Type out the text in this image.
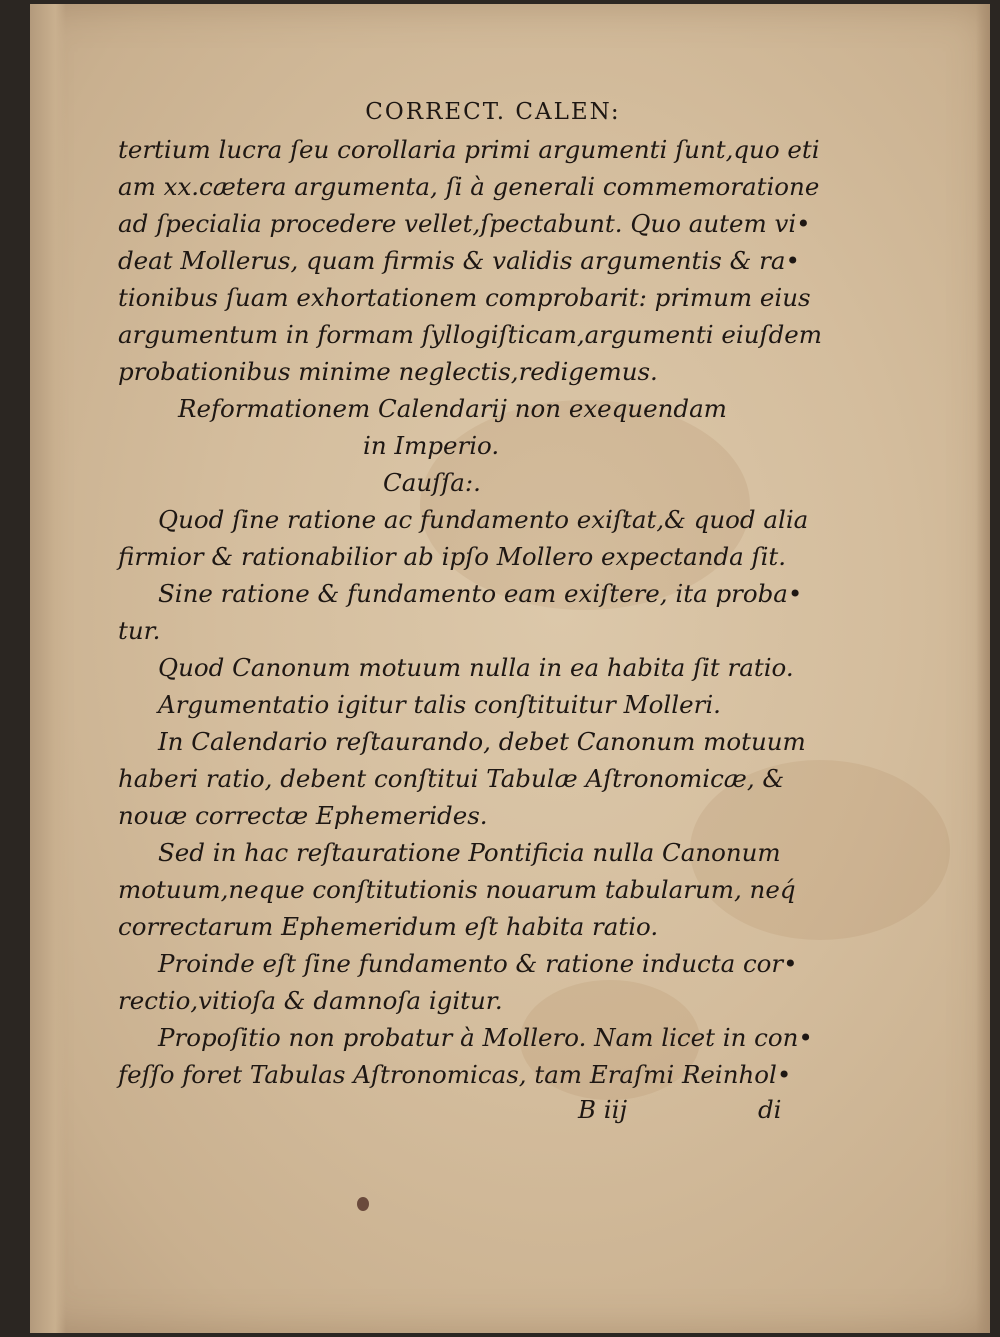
CORRECT. CALEN:
tertium lucra ſeu corollaria primi argumenti ſunt,quo eti
am xx.cætera argumenta, ſi à generali commemoratione
ad ſpecialia procedere vellet,ſpectabunt. Quo autem vi•
deat Mollerus, quam firmis & validis argumentis & ra•
tionibus ſuam exhortationem comprobarit: primum eius
argumentum in formam ſyllogiſticam,argumenti eiuſdem
probationibus minime neglectis,redigemus.
Reformationem Calendarij non exequendam
in Imperio.
Cauſſa:.
Quod ſine ratione ac fundamento exiſtat,& quod alia
firmior & rationabilior ab ipſo Mollero expectanda ſit.
Sine ratione & fundamento eam exiſtere, ita proba•
tur.
Quod Canonum motuum nulla in ea habita ſit ratio.
Argumentatio igitur talis conſtituitur Molleri.
In Calendario reſtaurando, debet Canonum motuum
haberi ratio, debent conſtitui Tabulæ Aſtronomicæ, &
nouæ correctæ Ephemerides.
Sed in hac reſtauratione Pontificia nulla Canonum
motuum,neque conſtitutionis nouarum tabularum, neq́
correctarum Ephemeridum eſt habita ratio.
Proinde eſt ſine fundamento & ratione inducta cor•
rectio,vitioſa & damnoſa igitur.
Propoſitio non probatur à Mollero. Nam licet in con•
feſſo foret Tabulas Aſtronomicas, tam Eraſmi Reinhol•
B iij	di
